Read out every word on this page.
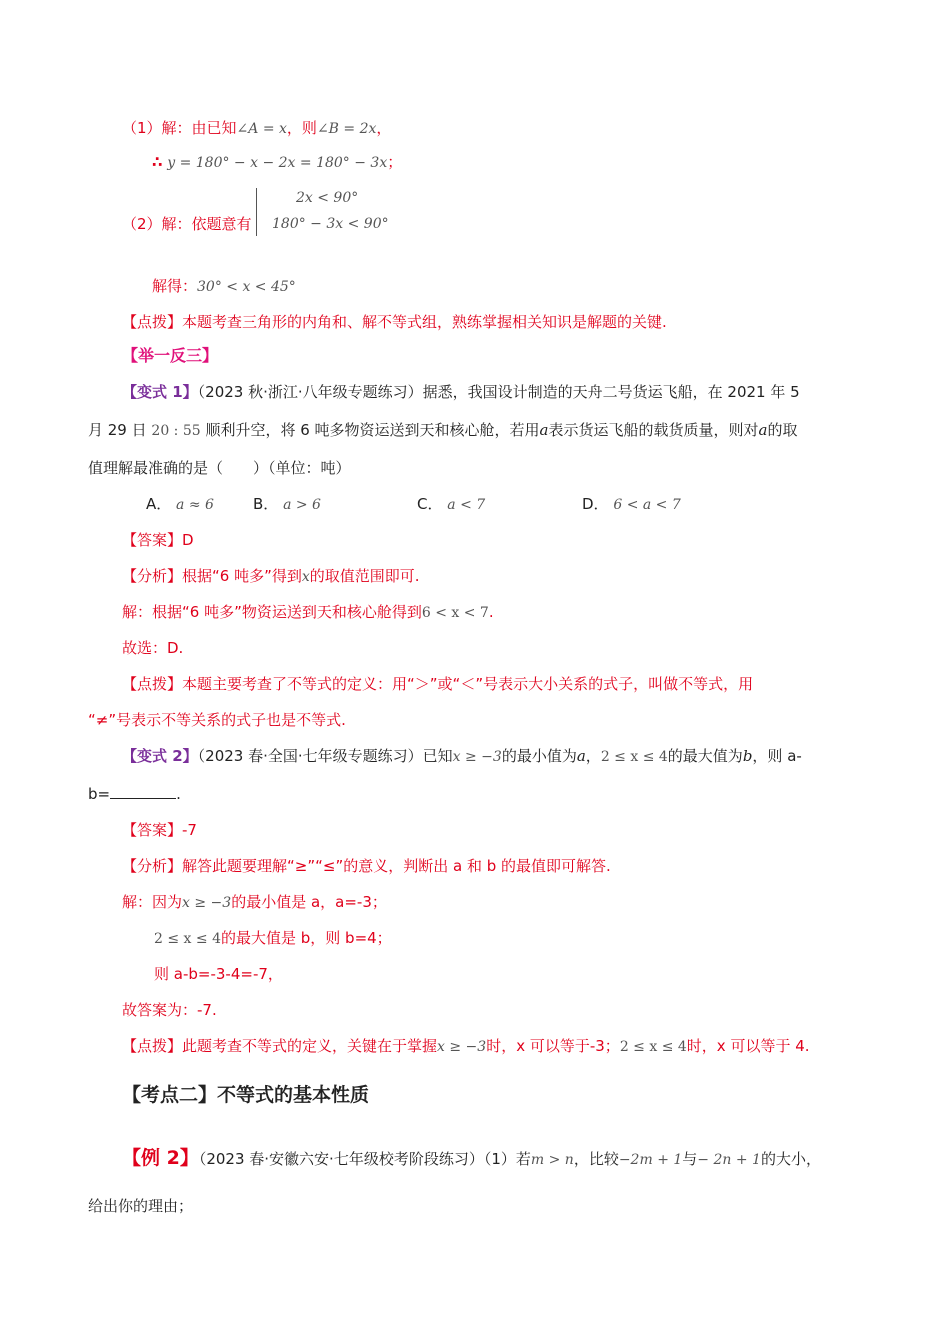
（1）解：由已知∠A = x，则∠B = 2x，
∴ y = 180° − x − 2x = 180° − 3x；
2x < 90°
180° − 3x < 90°
（2）解：依题意有
解得：30° < x < 45°
【点拨】本题考查三角形的内角和、解不等式组，熟练掌握相关知识是解题的关键.
【举一反三】
【变式 1】（2023 秋·浙江·八年级专题练习）据悉，我国设计制造的天舟二号货运飞船，在 2021 年 5
月 29 日 20 : 55 顺利升空，将 6 吨多物资运送到天和核心舱，若用a表示货运飞船的载货质量，则对a的取
值理解最准确的是（　　）（单位：吨）
A． a ≈ 6	B． a > 6	C． a < 7	D． 6 < a < 7
【答案】D
【分析】根据“6 吨多”得到x的取值范围即可.
解：根据“6 吨多”物资运送到天和核心舱得到6 < x < 7.
故选：D.
【点拨】本题主要考查了不等式的定义：用“＞”或“＜”号表示大小关系的式子，叫做不等式，用
“≠”号表示不等关系的式子也是不等式.
【变式 2】（2023 春·全国·七年级专题练习）已知x ≥ −3的最小值为a，2 ≤ x ≤ 4的最大值为b，则 a-
b=	.
【答案】-7
【分析】解答此题要理解“≥”“≤”的意义，判断出 a 和 b 的最值即可解答.
解：因为x ≥ −3的最小值是 a，a=-3；
2 ≤ x ≤ 4的最大值是 b，则 b=4；
则 a-b=-3-4=-7，
故答案为：-7.
【点拨】此题考查不等式的定义，关键在于掌握x ≥ −3时，x 可以等于-3；2 ≤ x ≤ 4时，x 可以等于 4.
【考点二】不等式的基本性质
【例 2】（2023 春·安徽六安·七年级校考阶段练习）（1）若m > n，比较−2m + 1与− 2n + 1的大小，
给出你的理由；
